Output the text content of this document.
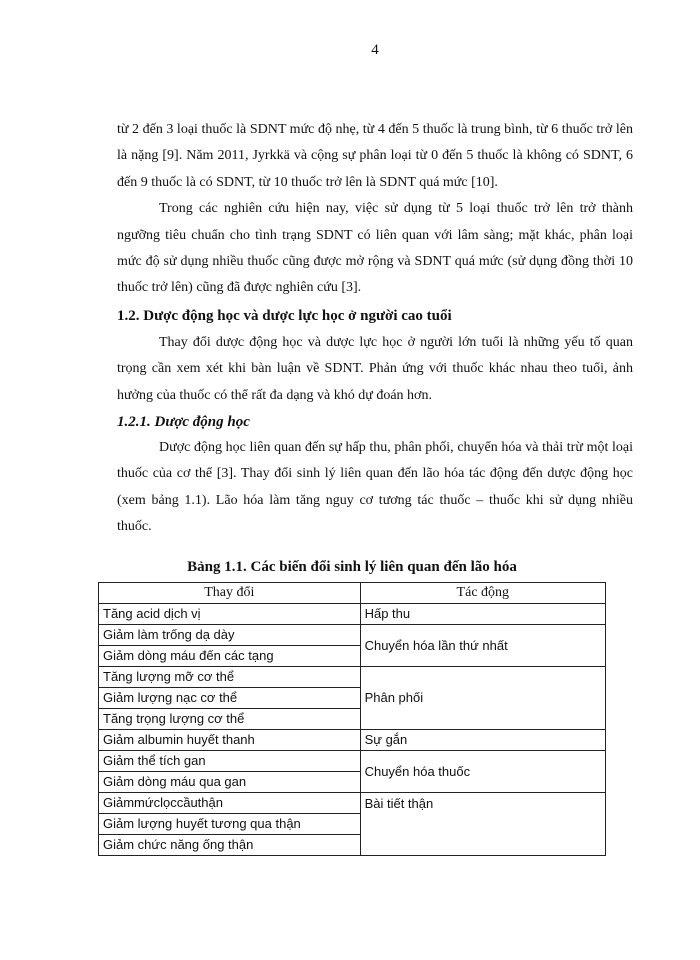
4

từ 2 đến 3 loại thuốc là SDNT mức độ nhẹ, từ 4 đến 5 thuốc là trung bình, từ 6 thuốc trở lên là nặng [9]. Năm 2011, Jyrkkä và cộng sự phân loại từ 0 đến 5 thuốc là không có SDNT, 6 đến 9 thuốc là có SDNT, từ 10 thuốc trở lên là SDNT quá mức [10].

Trong các nghiên cứu hiện nay, việc sử dụng từ 5 loại thuốc trở lên trở thành ngưỡng tiêu chuẩn cho tình trạng SDNT có liên quan với lâm sàng; mặt khác, phân loại mức độ sử dụng nhiều thuốc cũng được mở rộng và SDNT quá mức (sử dụng đồng thời 10 thuốc trở lên) cũng đã được nghiên cứu [3].

1.2. Dược động học và dược lực học ở người cao tuổi

Thay đổi dược động học và dược lực học ở người lớn tuổi là những yếu tố quan trọng cần xem xét khi bàn luận về SDNT. Phản ứng với thuốc khác nhau theo tuổi, ảnh hưởng của thuốc có thể rất đa dạng và khó dự đoán hơn.

1.2.1. Dược động học

Dược động học liên quan đến sự hấp thu, phân phối, chuyển hóa và thải trừ một loại thuốc của cơ thể [3]. Thay đổi sinh lý liên quan đến lão hóa tác động đến dược động học (xem bảng 1.1). Lão hóa làm tăng nguy cơ tương tác thuốc – thuốc khi sử dụng nhiều thuốc.

Bảng 1.1. Các biến đổi sinh lý liên quan đến lão hóa
Thay đổi	Tác động
Tăng acid dịch vị	Hấp thu
Giảm làm trống dạ dày	Chuyển hóa lần thứ nhất
Giảm dòng máu đến các tạng	
Tăng lượng mỡ cơ thể	Phân phối
Giảm lượng nạc cơ thể	
Tăng trọng lượng cơ thể	
Giảm albumin huyết thanh	Sự gắn
Giảm thể tích gan	Chuyển hóa thuốc
Giảm dòng máu qua gan	
Giảmmứclọccầuthận	Bài tiết thận
Giảm lượng huyết tương qua thận	
Giảm chức năng ống thận	
